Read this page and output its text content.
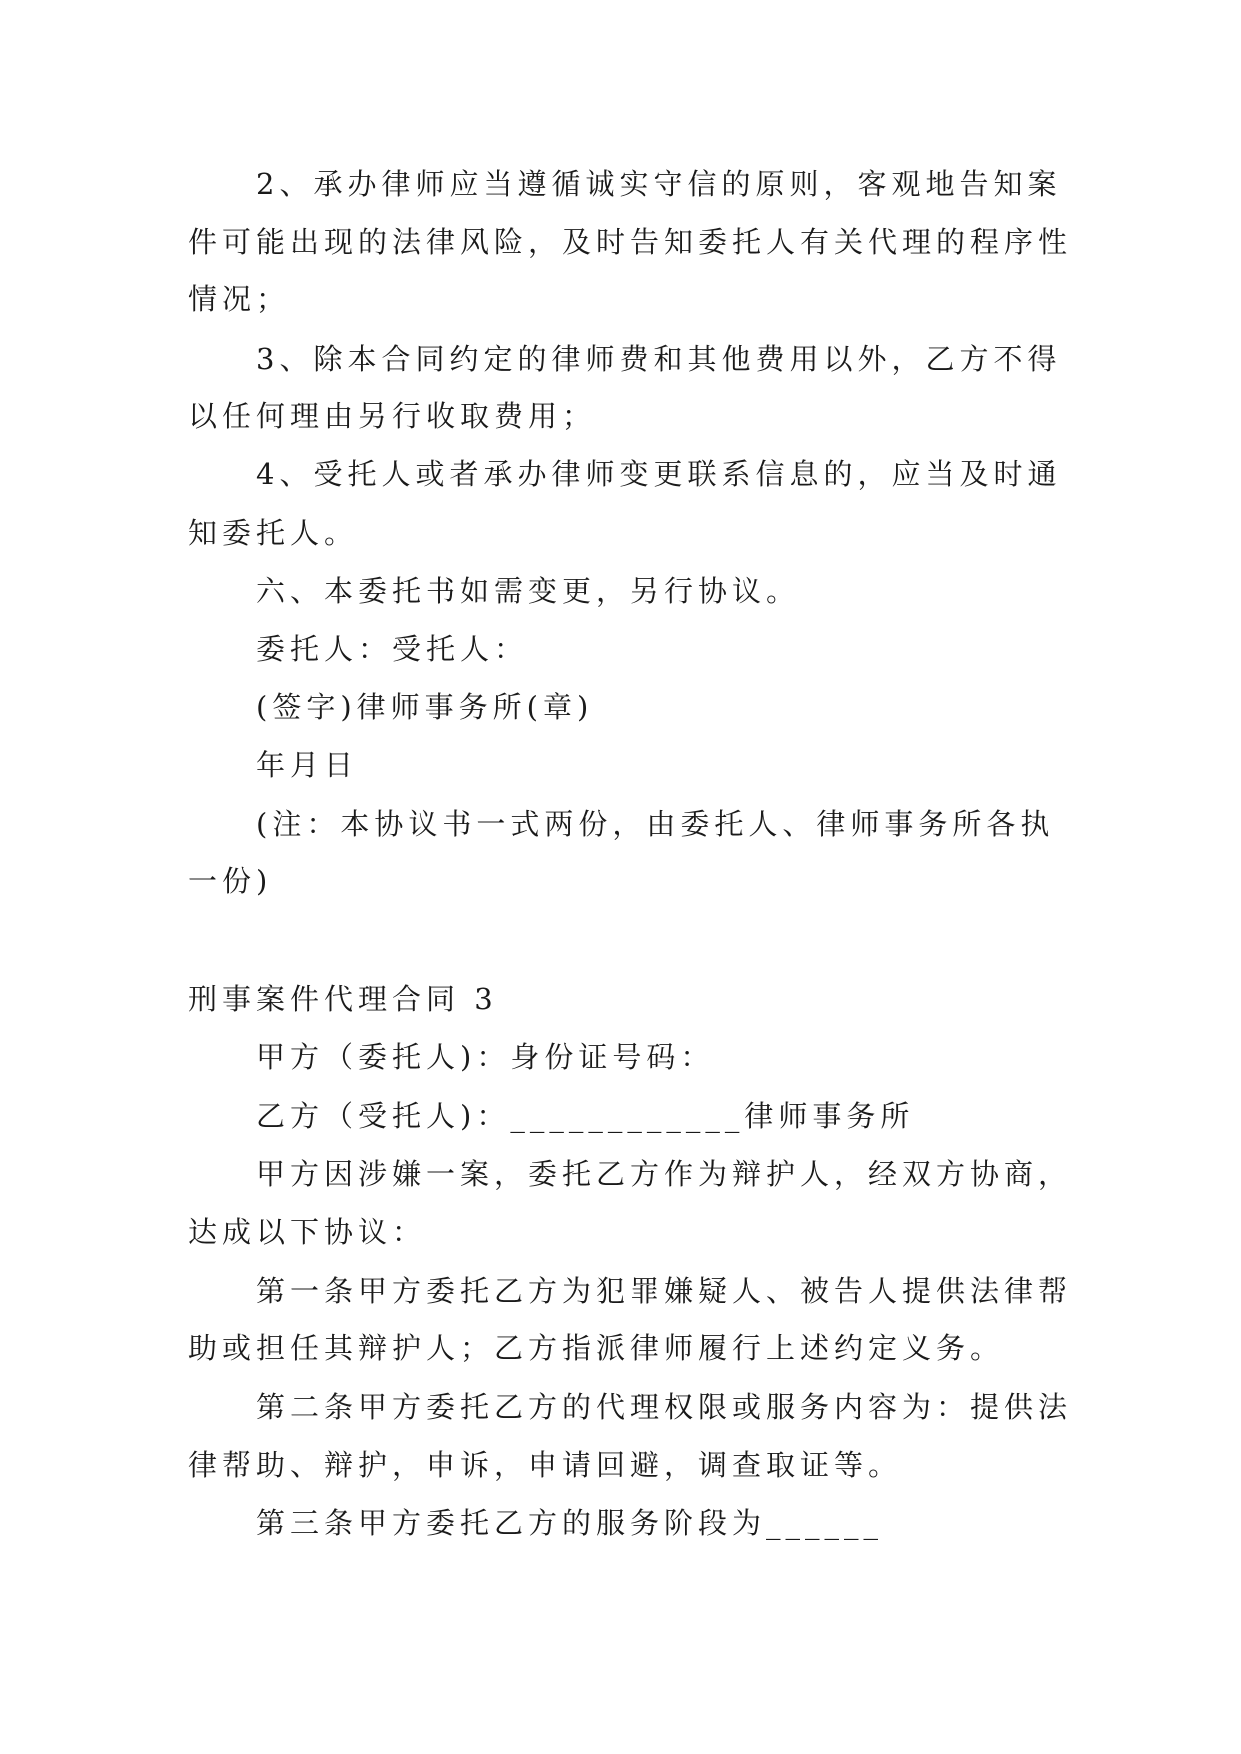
2、承办律师应当遵循诚实守信的原则，客观地告知案
件可能出现的法律风险，及时告知委托人有关代理的程序性
情况；
3、除本合同约定的律师费和其他费用以外，乙方不得
以任何理由另行收取费用；
4、受托人或者承办律师变更联系信息的，应当及时通
知委托人。
六、本委托书如需变更，另行协议。
委托人：受托人：
(签字)律师事务所(章)
年月日
(注：本协议书一式两份，由委托人、律师事务所各执
一份)
刑事案件代理合同 3
甲方（委托人)：身份证号码：
乙方（受托人)：____________律师事务所
甲方因涉嫌一案，委托乙方作为辩护人，经双方协商，
达成以下协议：
第一条甲方委托乙方为犯罪嫌疑人、被告人提供法律帮
助或担任其辩护人；乙方指派律师履行上述约定义务。
第二条甲方委托乙方的代理权限或服务内容为：提供法
律帮助、辩护，申诉，申请回避，调查取证等。
第三条甲方委托乙方的服务阶段为______
